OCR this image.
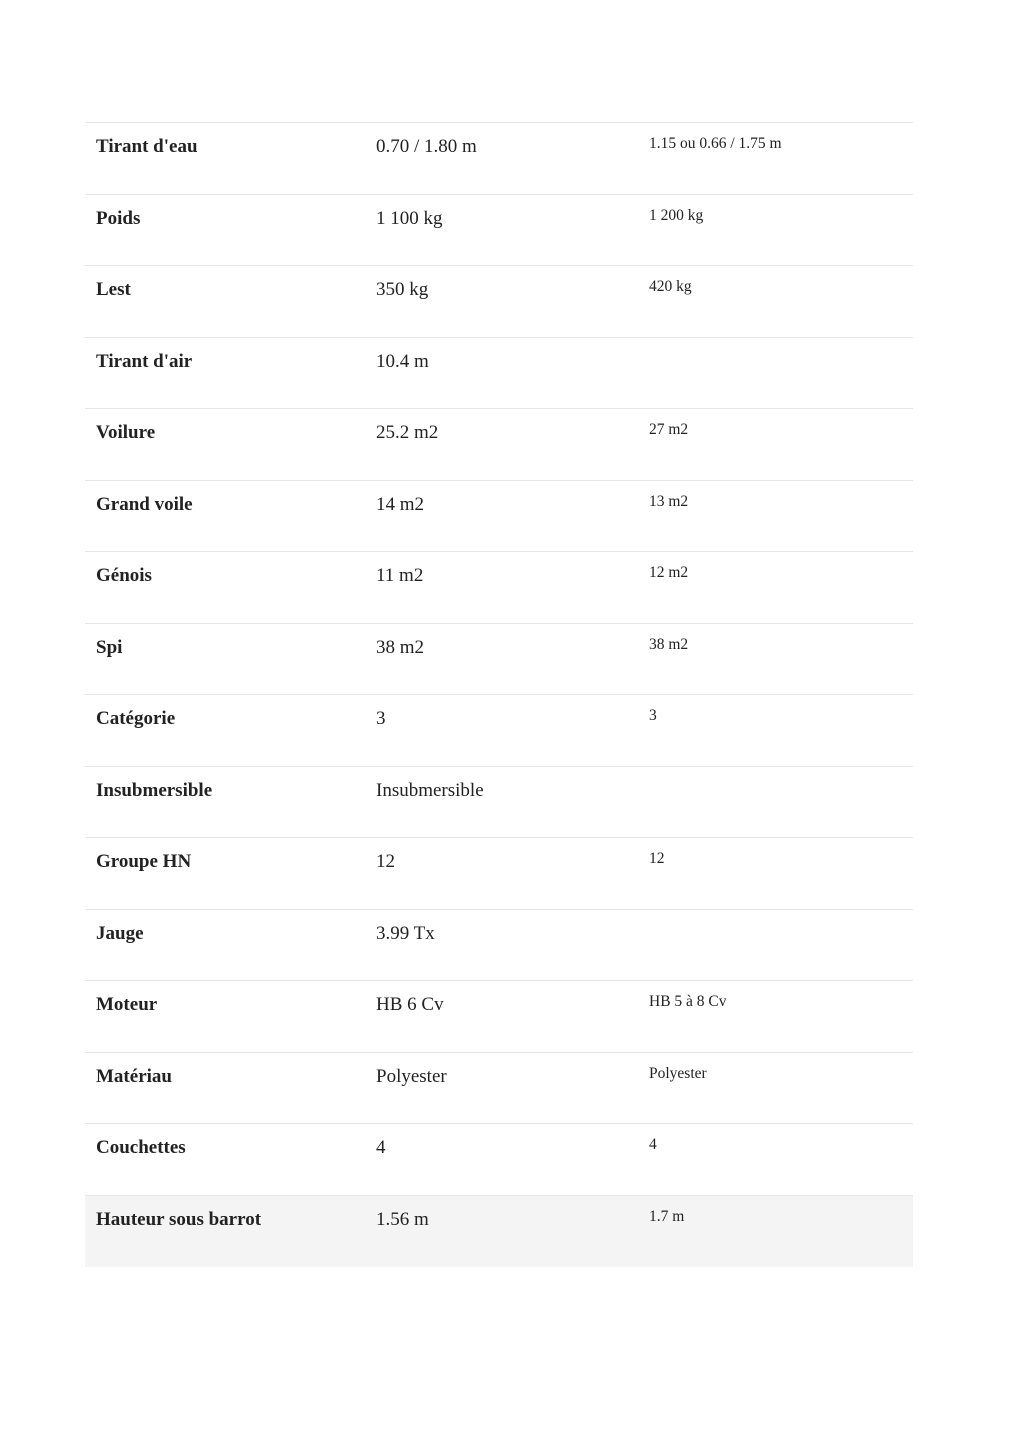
Tirant d'eau	0.70 / 1.80 m	1.15 ou 0.66 / 1.75 m
Poids	1 100 kg	1 200 kg
Lest	350 kg	420 kg
Tirant d'air	10.4 m	
Voilure	25.2 m2	27 m2
Grand voile	14 m2	13 m2
Génois	11 m2	12 m2
Spi	38 m2	38 m2
Catégorie	3	3
Insubmersible	Insubmersible	
Groupe HN	12	12
Jauge	3.99 Tx	
Moteur	HB 6 Cv	HB 5 à 8 Cv
Matériau	Polyester	Polyester
Couchettes	4	4
Hauteur sous barrot	1.56 m	1.7 m
